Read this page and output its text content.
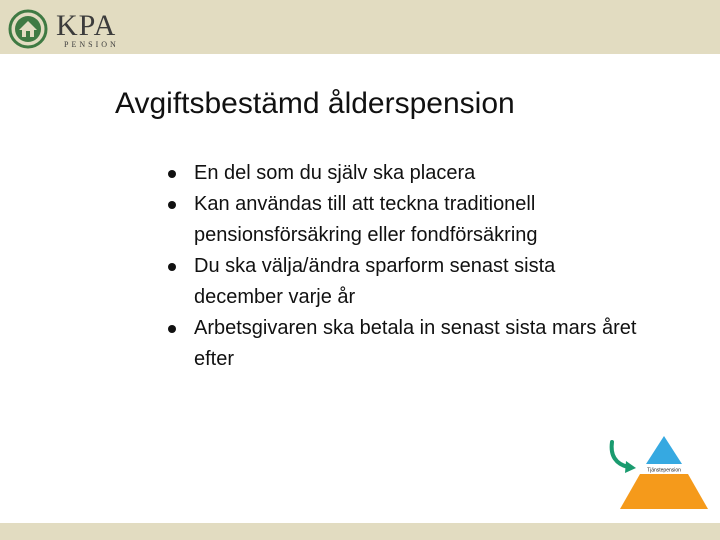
KPA
PENSION
Avgiftsbestämd ålderspension
En del som du själv ska placera
Kan användas till att teckna traditionell pensionsförsäkring eller fondförsäkring
Du ska välja/ändra sparform senast sista december varje år
Arbetsgivaren ska betala in senast sista mars året efter
Tjänstepension
